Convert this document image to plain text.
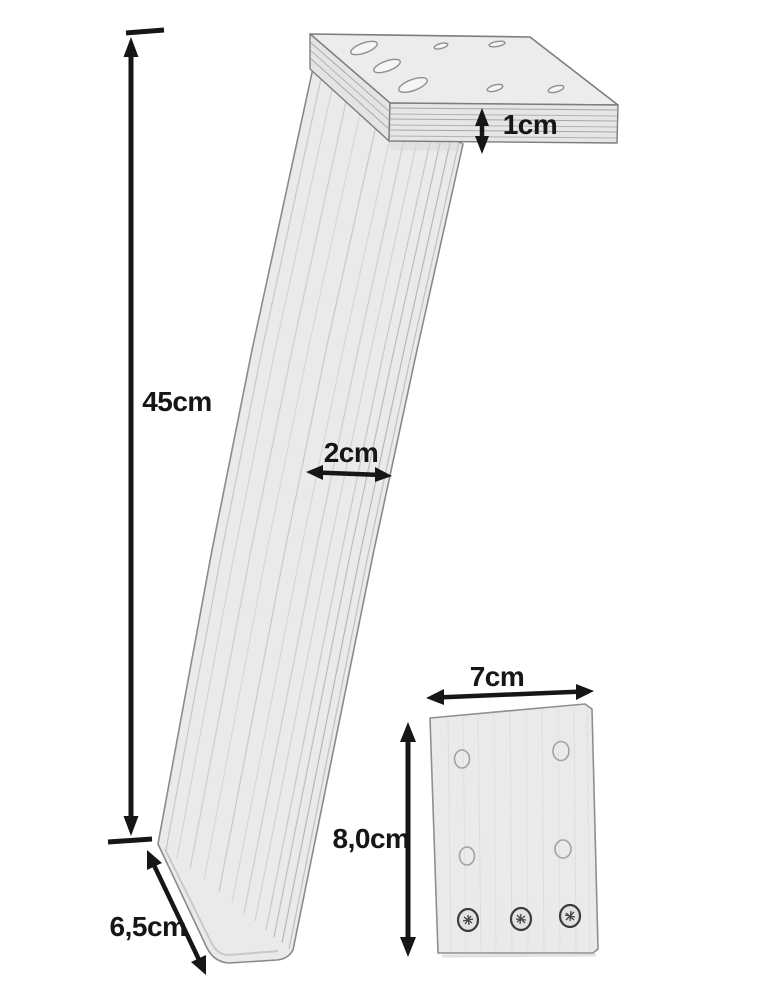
45cm
1cm
2cm
6,5cm
7cm
8,0cm
